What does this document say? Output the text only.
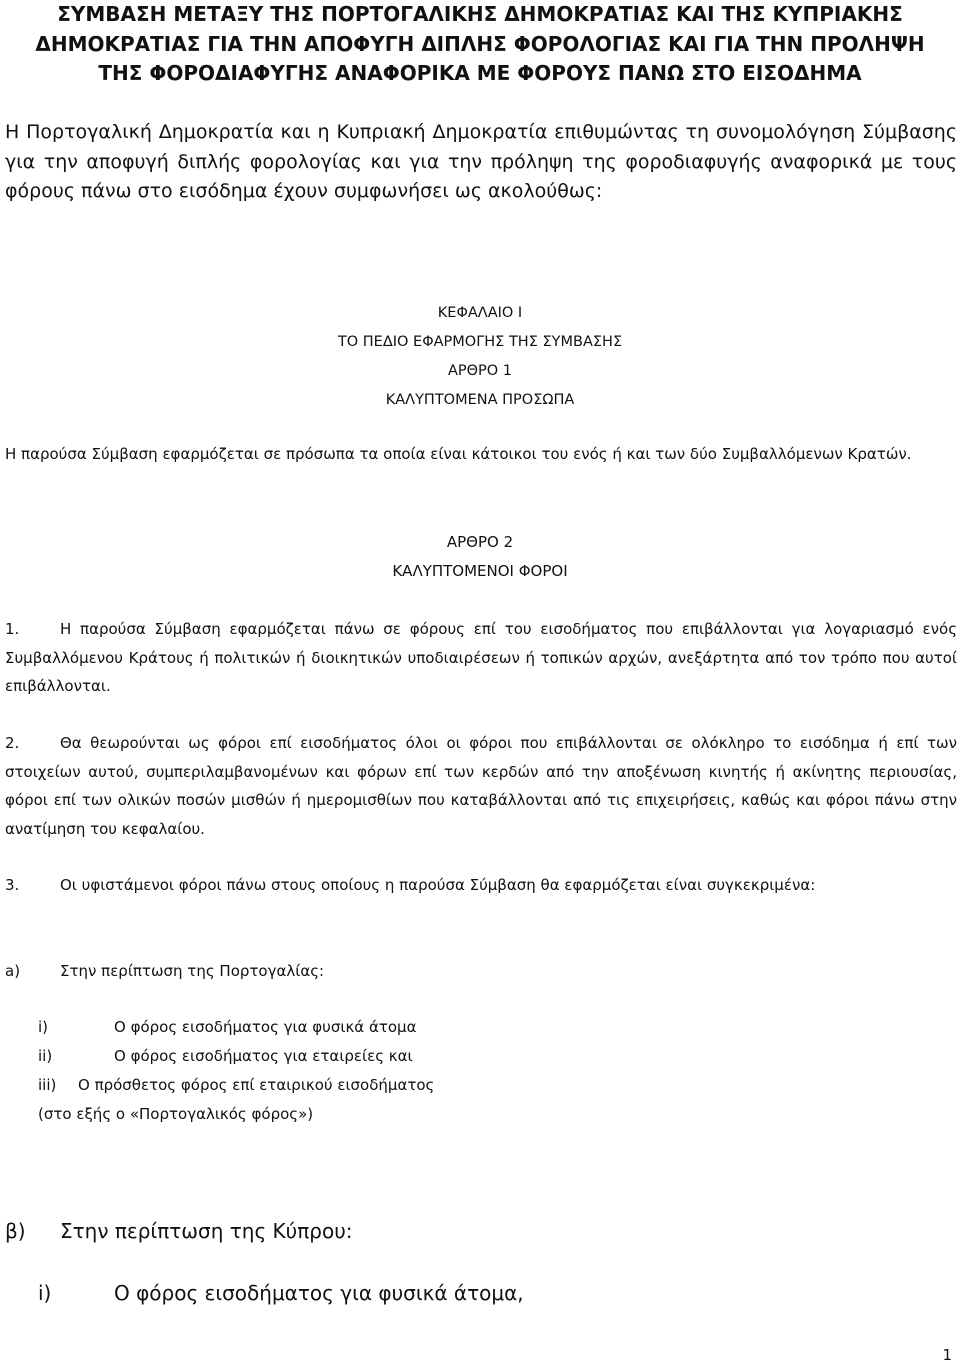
ΣΥΜΒΑΣΗ ΜΕΤΑΞΥ ΤΗΣ ΠΟΡΤΟΓΑΛΙΚΗΣ ΔΗΜΟΚΡΑΤΙΑΣ ΚΑΙ ΤΗΣ ΚΥΠΡΙΑΚΗΣ ΔΗΜΟΚΡΑΤΙΑΣ ΓΙΑ ΤΗΝ ΑΠΟΦΥΓΗ ΔΙΠΛΗΣ ΦΟΡΟΛΟΓΙΑΣ ΚΑΙ ΓΙΑ ΤΗΝ ΠΡΟΛΗΨΗ ΤΗΣ ΦΟΡΟΔΙΑΦΥΓΗΣ ΑΝΑΦΟΡΙΚΑ ΜΕ ΦΟΡΟΥΣ ΠΑΝΩ ΣΤΟ ΕΙΣΟΔΗΜΑ

Η Πορτογαλική Δημοκρατία και η Κυπριακή Δημοκρατία επιθυμώντας τη συνομολόγηση Σύμβασης για την αποφυγή διπλής φορολογίας και για την πρόληψη της φοροδιαφυγής αναφορικά με τους φόρους πάνω στο εισόδημα έχουν συμφωνήσει ως ακολούθως:

ΚΕΦΑΛΑΙΟ Ι
ΤΟ ΠΕΔΙΟ ΕΦΑΡΜΟΓΗΣ ΤΗΣ ΣΥΜΒΑΣΗΣ
ΑΡΘΡΟ 1
ΚΑΛΥΠΤΟΜΕΝΑ ΠΡΟΣΩΠΑ

Η παρούσα Σύμβαση εφαρμόζεται σε πρόσωπα τα οποία είναι κάτοικοι του ενός ή και των δύο Συμβαλλόμενων Κρατών.

ΑΡΘΡΟ 2
ΚΑΛΥΠΤΟΜΕΝΟΙ ΦΟΡΟΙ

1.	Η παρούσα Σύμβαση εφαρμόζεται πάνω σε φόρους επί του εισοδήματος που επιβάλλονται για λογαριασμό ενός Συμβαλλόμενου Κράτους ή πολιτικών ή διοικητικών υποδιαιρέσεων ή τοπικών αρχών, ανεξάρτητα από τον τρόπο που αυτοί επιβάλλονται.

2.	Θα θεωρούνται ως φόροι επί εισοδήματος όλοι οι φόροι που επιβάλλονται σε ολόκληρο το εισόδημα ή επί των στοιχείων αυτού, συμπεριλαμβανομένων και φόρων επί των κερδών από την αποξένωση κινητής ή ακίνητης περιουσίας, φόροι επί των ολικών ποσών μισθών ή ημερομισθίων που καταβάλλονται από τις επιχειρήσεις, καθώς και φόροι πάνω στην ανατίμηση του κεφαλαίου.

3.	Οι υφιστάμενοι φόροι πάνω στους οποίους η παρούσα Σύμβαση θα εφαρμόζεται είναι συγκεκριμένα:

a)	Στην περίπτωση της Πορτογαλίας:
i)	Ο φόρος εισοδήματος για φυσικά άτομα
ii)	Ο φόρος εισοδήματος για εταιρείες και
iii) Ο πρόσθετος φόρος επί εταιρικού εισοδήματος
(στο εξής ο «Πορτογαλικός φόρος»)
β) Στην περίπτωση της Κύπρου:
i)	Ο φόρος εισοδήματος για φυσικά άτομα,
1
